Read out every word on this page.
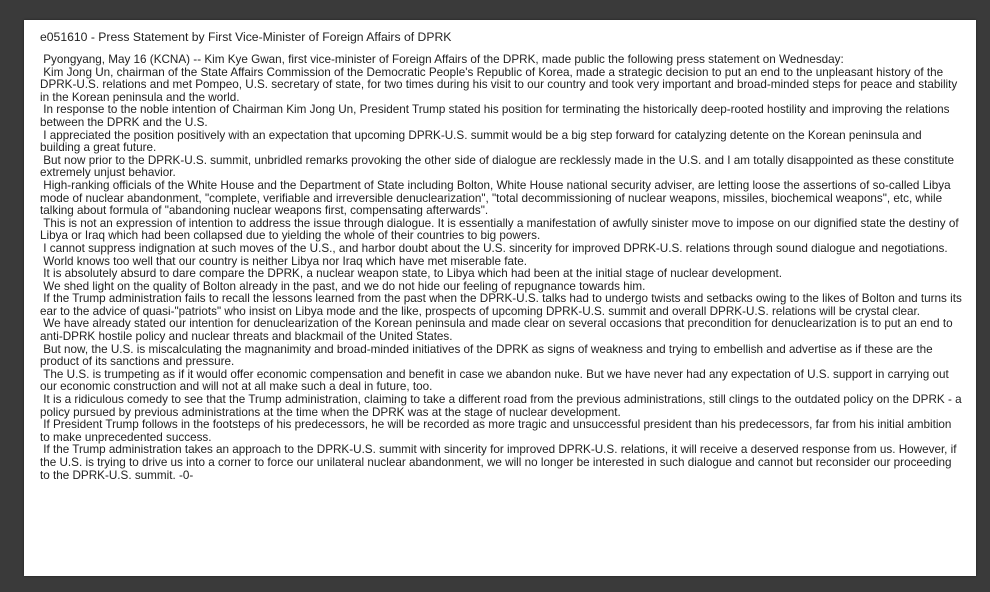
e051610 - Press Statement by First Vice-Minister of Foreign Affairs of DPRK
Pyongyang, May 16 (KCNA) -- Kim Kye Gwan, first vice-minister of Foreign Affairs of the DPRK, made public the following press statement on Wednesday:
Kim Jong Un, chairman of the State Affairs Commission of the Democratic People's Republic of Korea, made a strategic decision to put an end to the unpleasant history of the DPRK-U.S. relations and met Pompeo, U.S. secretary of state, for two times during his visit to our country and took very important and broad-minded steps for peace and stability in the Korean peninsula and the world.
In response to the noble intention of Chairman Kim Jong Un, President Trump stated his position for terminating the historically deep-rooted hostility and improving the relations between the DPRK and the U.S.
I appreciated the position positively with an expectation that upcoming DPRK-U.S. summit would be a big step forward for catalyzing detente on the Korean peninsula and building a great future.
But now prior to the DPRK-U.S. summit, unbridled remarks provoking the other side of dialogue are recklessly made in the U.S. and I am totally disappointed as these constitute extremely unjust behavior.
High-ranking officials of the White House and the Department of State including Bolton, White House national security adviser, are letting loose the assertions of so-called Libya mode of nuclear abandonment, "complete, verifiable and irreversible denuclearization", "total decommissioning of nuclear weapons, missiles, biochemical weapons", etc, while talking about formula of "abandoning nuclear weapons first, compensating afterwards".
This is not an expression of intention to address the issue through dialogue. It is essentially a manifestation of awfully sinister move to impose on our dignified state the destiny of Libya or Iraq which had been collapsed due to yielding the whole of their countries to big powers.
I cannot suppress indignation at such moves of the U.S., and harbor doubt about the U.S. sincerity for improved DPRK-U.S. relations through sound dialogue and negotiations.
World knows too well that our country is neither Libya nor Iraq which have met miserable fate.
It is absolutely absurd to dare compare the DPRK, a nuclear weapon state, to Libya which had been at the initial stage of nuclear development.
We shed light on the quality of Bolton already in the past, and we do not hide our feeling of repugnance towards him.
If the Trump administration fails to recall the lessons learned from the past when the DPRK-U.S. talks had to undergo twists and setbacks owing to the likes of Bolton and turns its ear to the advice of quasi-"patriots" who insist on Libya mode and the like, prospects of upcoming DPRK-U.S. summit and overall DPRK-U.S. relations will be crystal clear.
We have already stated our intention for denuclearization of the Korean peninsula and made clear on several occasions that precondition for denuclearization is to put an end to anti-DPRK hostile policy and nuclear threats and blackmail of the United States.
But now, the U.S. is miscalculating the magnanimity and broad-minded initiatives of the DPRK as signs of weakness and trying to embellish and advertise as if these are the product of its sanctions and pressure.
The U.S. is trumpeting as if it would offer economic compensation and benefit in case we abandon nuke. But we have never had any expectation of U.S. support in carrying out our economic construction and will not at all make such a deal in future, too.
It is a ridiculous comedy to see that the Trump administration, claiming to take a different road from the previous administrations, still clings to the outdated policy on the DPRK - a policy pursued by previous administrations at the time when the DPRK was at the stage of nuclear development.
If President Trump follows in the footsteps of his predecessors, he will be recorded as more tragic and unsuccessful president than his predecessors, far from his initial ambition to make unprecedented success.
If the Trump administration takes an approach to the DPRK-U.S. summit with sincerity for improved DPRK-U.S. relations, it will receive a deserved response from us. However, if the U.S. is trying to drive us into a corner to force our unilateral nuclear abandonment, we will no longer be interested in such dialogue and cannot but reconsider our proceeding to the DPRK-U.S. summit. -0-
